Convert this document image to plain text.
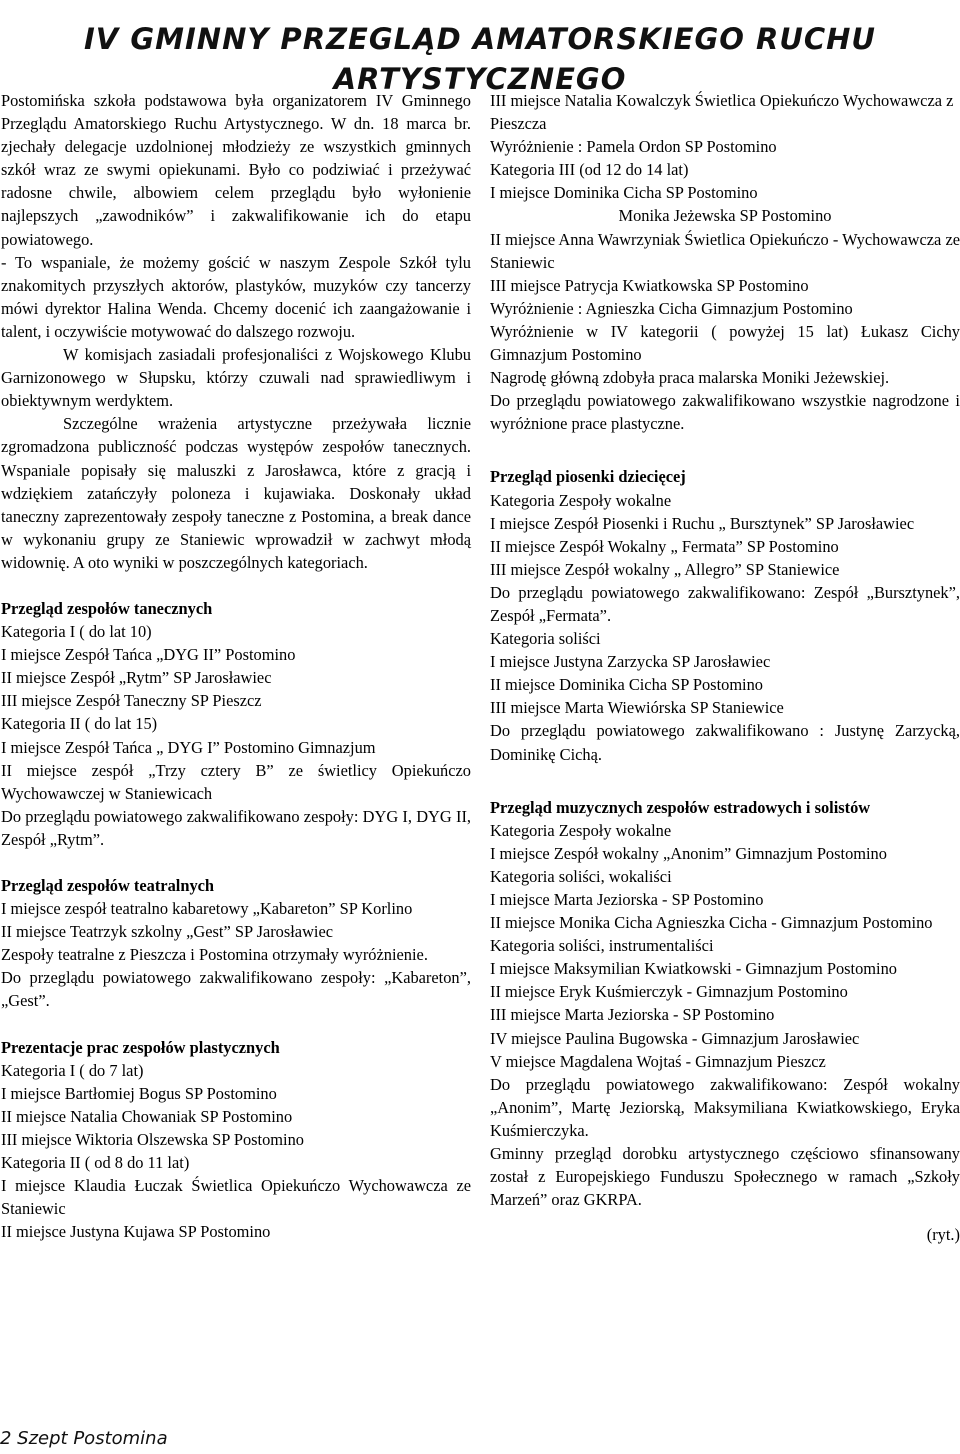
IV GMINNY PRZEGLĄD AMATORSKIEGO RUCHU
ARTYSTYCZNEGO

Postomińska szkoła podstawowa była organizatorem IV Gminnego Przeglądu Amatorskiego Ruchu Artystycznego. W dn. 18 marca br. zjechały delegacje uzdolnionej młodzieży ze wszystkich gminnych szkół wraz ze swymi opiekunami. Było co podziwiać i przeżywać radosne chwile, albowiem celem przeglądu było wyłonienie najlepszych „zawodników” i zakwalifikowanie ich do etapu powiatowego.

- To wspaniale, że możemy gościć w naszym Zespole Szkół tylu znakomitych przyszłych aktorów, plastyków, muzyków czy tancerzy mówi dyrektor Halina Wenda. Chcemy docenić ich zaangażowanie i talent, i oczywiście motywować do dalszego rozwoju.

W komisjach zasiadali profesjonaliści z Wojskowego Klubu Garnizonowego w Słupsku, którzy czuwali nad sprawiedliwym i obiektywnym werdyktem.

Szczególne wrażenia artystyczne przeżywała licznie zgromadzona publiczność podczas występów zespołów tanecznych. Wspaniale popisały się maluszki z Jarosławca, które z gracją i wdziękiem zatańczyły poloneza i kujawiaka. Doskonały układ taneczny zaprezentowały zespoły taneczne z Postomina, a break dance w wykonaniu grupy ze Staniewic wprowadził w zachwyt młodą widownię. A oto wyniki w poszczególnych kategoriach.

Przegląd zespołów tanecznych

Kategoria I ( do lat 10)

I miejsce Zespół Tańca „DYG II” Postomino

II miejsce Zespół „Rytm” SP Jarosławiec

III miejsce Zespół Taneczny SP Pieszcz

Kategoria II ( do lat 15)

I miejsce Zespół Tańca „ DYG I” Postomino Gimnazjum

II miejsce zespół „Trzy cztery B” ze świetlicy Opiekuńczo Wychowawczej w Staniewicach

Do przeglądu powiatowego zakwalifikowano zespoły: DYG I, DYG II, Zespół „Rytm”.

Przegląd zespołów teatralnych

I miejsce zespół teatralno kabaretowy „Kabareton” SP Korlino

II miejsce Teatrzyk szkolny „Gest” SP Jarosławiec

Zespoły teatralne z Pieszcza i Postomina otrzymały wyróżnienie.

Do przeglądu powiatowego zakwalifikowano zespoły: „Kabareton”, „Gest”.

Prezentacje prac zespołów plastycznych

Kategoria I ( do 7 lat)

I miejsce Bartłomiej Bogus SP Postomino

II miejsce Natalia Chowaniak SP Postomino

III miejsce Wiktoria Olszewska SP Postomino

Kategoria II ( od 8 do 11 lat)

I miejsce Klaudia Łuczak Świetlica Opiekuńczo Wychowawcza ze Staniewic

II miejsce Justyna Kujawa SP Postomino

III miejsce Natalia Kowalczyk Świetlica Opiekuńczo Wychowawcza z Pieszcza

Wyróżnienie : Pamela Ordon SP Postomino

Kategoria III (od 12 do 14 lat)

I miejsce Dominika Cicha SP Postomino

Monika Jeżewska SP Postomino

II miejsce Anna Wawrzyniak Świetlica Opiekuńczo - Wychowawcza ze Staniewic

III miejsce Patrycja Kwiatkowska SP Postomino

Wyróżnienie : Agnieszka Cicha Gimnazjum Postomino

Wyróżnienie w IV kategorii ( powyżej 15 lat) Łukasz Cichy Gimnazjum Postomino

Nagrodę główną zdobyła praca malarska Moniki Jeżewskiej.

Do przeglądu powiatowego zakwalifikowano wszystkie nagrodzone i wyróżnione prace plastyczne.

Przegląd piosenki dziecięcej

Kategoria Zespoły wokalne

I miejsce Zespół Piosenki i Ruchu „ Bursztynek” SP Jarosławiec

II miejsce Zespół Wokalny „ Fermata” SP Postomino

III miejsce Zespół wokalny „ Allegro” SP Staniewice

Do przeglądu powiatowego zakwalifikowano: Zespół „Bursztynek”, Zespół „Fermata”.

Kategoria soliści

I miejsce Justyna Zarzycka SP Jarosławiec

II miejsce Dominika Cicha SP Postomino

III miejsce Marta Wiewiórska SP Staniewice

Do przeglądu powiatowego zakwalifikowano : Justynę Zarzycką, Dominikę Cichą.

Przegląd muzycznych zespołów estradowych i solistów

Kategoria Zespoły wokalne

I miejsce Zespół wokalny „Anonim” Gimnazjum Postomino

Kategoria soliści, wokaliści

I miejsce Marta Jeziorska - SP Postomino

II miejsce Monika Cicha Agnieszka Cicha - Gimnazjum Postomino

Kategoria soliści, instrumentaliści

I miejsce Maksymilian Kwiatkowski - Gimnazjum Postomino

II miejsce Eryk Kuśmierczyk - Gimnazjum Postomino

III miejsce Marta Jeziorska - SP Postomino

IV miejsce Paulina Bugowska - Gimnazjum Jarosławiec

V miejsce Magdalena Wojtaś - Gimnazjum Pieszcz

Do przeglądu powiatowego zakwalifikowano: Zespół wokalny „Anonim”, Martę Jeziorską, Maksymiliana Kwiatkowskiego, Eryka Kuśmierczyka.

Gminny przegląd dorobku artystycznego częściowo sfinansowany został z Europejskiego Funduszu Społecznego w ramach „Szkoły Marzeń” oraz GKRPA.

(ryt.)

2 Szept Postomina
